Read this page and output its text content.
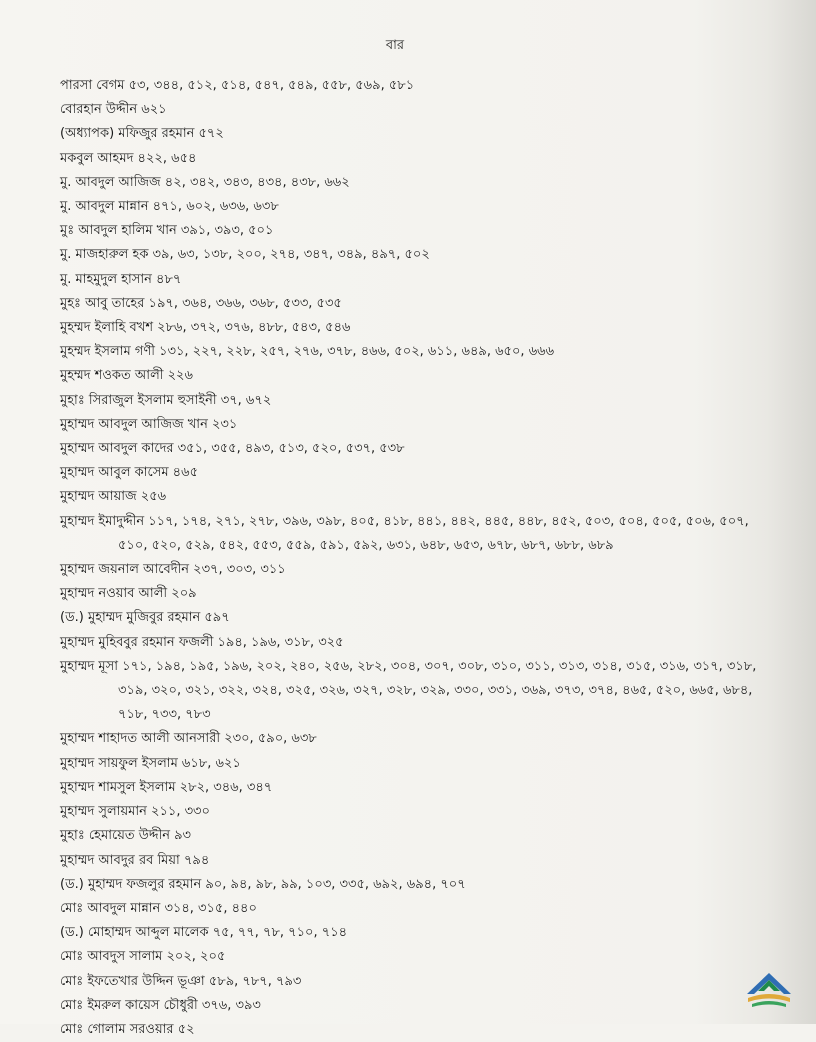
বার
পারসা বেগম ৫৩, ৩৪৪, ৫১২, ৫১৪, ৫৪৭, ৫৪৯, ৫৫৮, ৫৬৯, ৫৮১
বোরহান উদ্দীন ৬২১
(অধ্যাপক) মফিজুর রহমান ৫৭২
মকবুল আহমদ ৪২২, ৬৫৪
মু. আবদুল আজিজ ৪২, ৩৪২, ৩৪৩, ৪৩৪, ৪৩৮, ৬৬২
মু. আবদুল মান্নান ৪৭১, ৬০২, ৬৩৬, ৬৩৮
মুঃ আবদুল হালিম খান ৩৯১, ৩৯৩, ৫০১
মু. মাজহারুল হক ৩৯, ৬৩, ১৩৮, ২০০, ২৭৪, ৩৪৭, ৩৪৯, ৪৯৭, ৫০২
মু. মাহমুদুল হাসান ৪৮৭
মুহঃ আবু তাহের ১৯৭, ৩৬৪, ৩৬৬, ৩৬৮, ৫৩৩, ৫৩৫
মুহম্মদ ইলাহি বখশ ২৮৬, ৩৭২, ৩৭৬, ৪৮৮, ৫৪৩, ৫৪৬
মুহম্মদ ইসলাম গণী ১৩১, ২২৭, ২২৮, ২৫৭, ২৭৬, ৩৭৮, ৪৬৬, ৫০২, ৬১১, ৬৪৯, ৬৫০, ৬৬৬
মুহম্মদ শওকত আলী ২২৬
মুহাঃ সিরাজুল ইসলাম হুসাইনী ৩৭, ৬৭২
মুহাম্মদ আবদুল আজিজ খান ২৩১
মুহাম্মদ আবদুল কাদের ৩৫১, ৩৫৫, ৪৯৩, ৫১৩, ৫২০, ৫৩৭, ৫৩৮
মুহাম্মদ আবুল কাসেম ৪৬৫
মুহাম্মদ আয়াজ ২৫৬
মুহাম্মদ ইমাদুদ্দীন ১১৭, ১৭৪, ২৭১, ২৭৮, ৩৯৬, ৩৯৮, ৪০৫, ৪১৮, ৪৪১, ৪৪২, ৪৪৫, ৪৪৮, ৪৫২, ৫০৩, ৫০৪, ৫০৫, ৫০৬, ৫০৭, ৫১০, ৫২০, ৫২৯, ৫৪২, ৫৫৩, ৫৫৯, ৫৯১, ৫৯২, ৬৩১, ৬৪৮, ৬৫৩, ৬৭৮, ৬৮৭, ৬৮৮, ৬৮৯
মুহাম্মদ জয়নাল আবেদীন ২৩৭, ৩০৩, ৩১১
মুহাম্মদ নওয়াব আলী ২০৯
(ড.) মুহাম্মদ মুজিবুর রহমান ৫৯৭
মুহাম্মদ মুহিববুর রহমান ফজলী ১৯৪, ১৯৬, ৩১৮, ৩২৫
মুহাম্মদ মূসা ১৭১, ১৯৪, ১৯৫, ১৯৬, ২০২, ২৪০, ২৫৬, ২৮২, ৩০৪, ৩০৭, ৩০৮, ৩১০, ৩১১, ৩১৩, ৩১৪, ৩১৫, ৩১৬, ৩১৭, ৩১৮, ৩১৯, ৩২০, ৩২১, ৩২২, ৩২৪, ৩২৫, ৩২৬, ৩২৭, ৩২৮, ৩২৯, ৩৩০, ৩৩১, ৩৬৯, ৩৭৩, ৩৭৪, ৪৬৫, ৫২০, ৬৬৫, ৬৮৪, ৭১৮, ৭৩৩, ৭৮৩
মুহাম্মদ শাহাদত আলী আনসারী ২৩০, ৫৯০, ৬৩৮
মুহাম্মদ সায়ফুল ইসলাম ৬১৮, ৬২১
মুহাম্মদ শামসুল ইসলাম ২৮২, ৩৪৬, ৩৪৭
মুহাম্মদ সুলায়মান ২১১, ৩৩০
মুহাঃ হেমায়েত উদ্দীন ৯৩
মুহাম্মদ আবদুর রব মিয়া ৭৯৪
(ড.) মুহাম্মদ ফজলুর রহমান ৯০, ৯৪, ৯৮, ৯৯, ১০৩, ৩৩৫, ৬৯২, ৬৯৪, ৭০৭
মোঃ আবদুল মান্নান ৩১৪, ৩১৫, ৪৪০
(ড.) মোহাম্মদ আব্দুল মালেক ৭৫, ৭৭, ৭৮, ৭১০, ৭১৪
মোঃ আবদুস সালাম ২০২, ২০৫
মোঃ ইফতেখার উদ্দিন ভূঞা ৫৮৯, ৭৮৭, ৭৯৩
মোঃ ইমরুল কায়েস চৌধুরী ৩৭৬, ৩৯৩
মোঃ গোলাম সরওয়ার ৫২
